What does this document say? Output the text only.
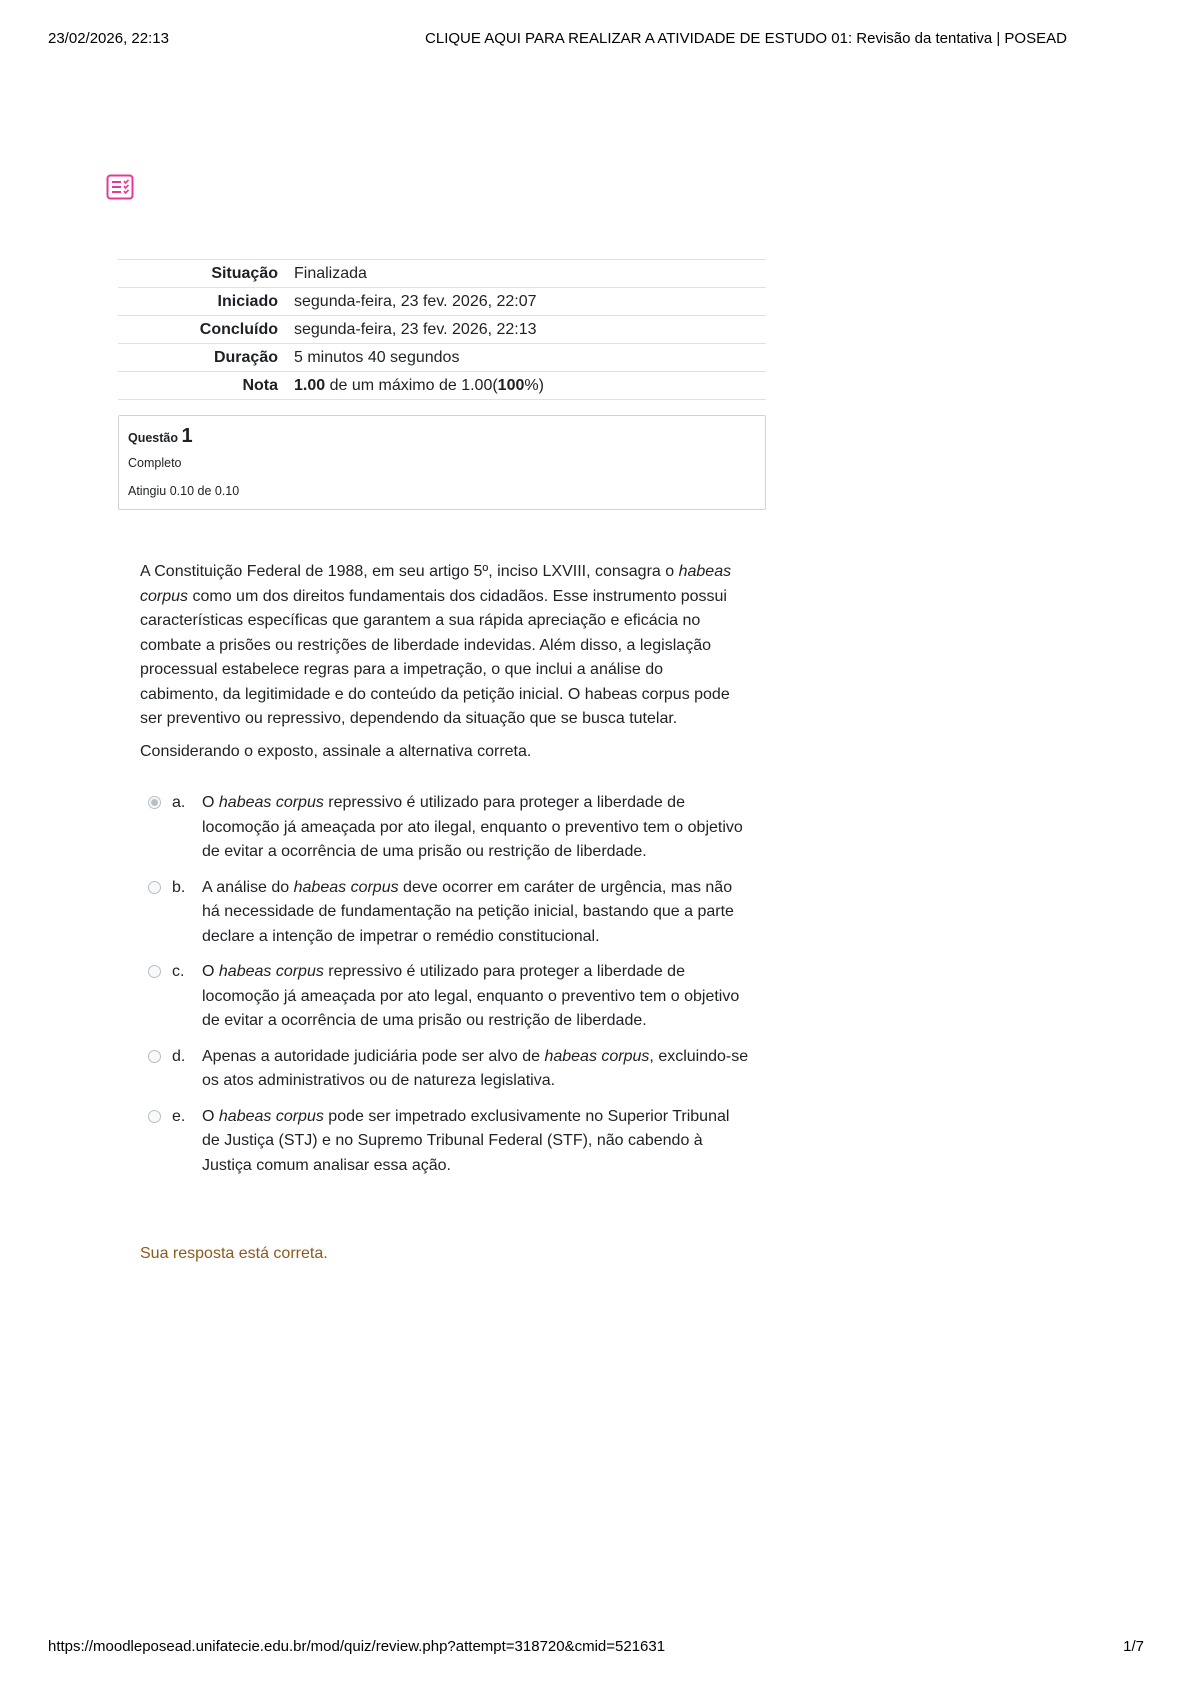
23/02/2026, 22:13	CLIQUE AQUI PARA REALIZAR A ATIVIDADE DE ESTUDO 01: Revisão da tentativa | POSEAD
Situação	Finalizada
Iniciado	segunda-feira, 23 fev. 2026, 22:07
Concluído	segunda-feira, 23 fev. 2026, 22:13
Duração	5 minutos 40 segundos
Nota	1.00 de um máximo de 1.00(100%)
Questão 1
Completo
Atingiu 0.10 de 0.10

A Constituição Federal de 1988, em seu artigo 5º, inciso LXVIII, consagra o habeas corpus como um dos direitos fundamentais dos cidadãos. Esse instrumento possui características específicas que garantem a sua rápida apreciação e eficácia no combate a prisões ou restrições de liberdade indevidas. Além disso, a legislação processual estabelece regras para a impetração, o que inclui a análise do cabimento, da legitimidade e do conteúdo da petição inicial. O habeas corpus pode ser preventivo ou repressivo, dependendo da situação que se busca tutelar.

Considerando o exposto, assinale a alternativa correta.

a. O habeas corpus repressivo é utilizado para proteger a liberdade de locomoção já ameaçada por ato ilegal, enquanto o preventivo tem o objetivo de evitar a ocorrência de uma prisão ou restrição de liberdade.
b. A análise do habeas corpus deve ocorrer em caráter de urgência, mas não há necessidade de fundamentação na petição inicial, bastando que a parte declare a intenção de impetrar o remédio constitucional.
c. O habeas corpus repressivo é utilizado para proteger a liberdade de locomoção já ameaçada por ato legal, enquanto o preventivo tem o objetivo de evitar a ocorrência de uma prisão ou restrição de liberdade.
d. Apenas a autoridade judiciária pode ser alvo de habeas corpus, excluindo-se os atos administrativos ou de natureza legislativa.
e. O habeas corpus pode ser impetrado exclusivamente no Superior Tribunal de Justiça (STJ) e no Supremo Tribunal Federal (STF), não cabendo à Justiça comum analisar essa ação.
Sua resposta está correta.
https://moodleposead.unifatecie.edu.br/mod/quiz/review.php?attempt=318720&cmid=521631	1/7
